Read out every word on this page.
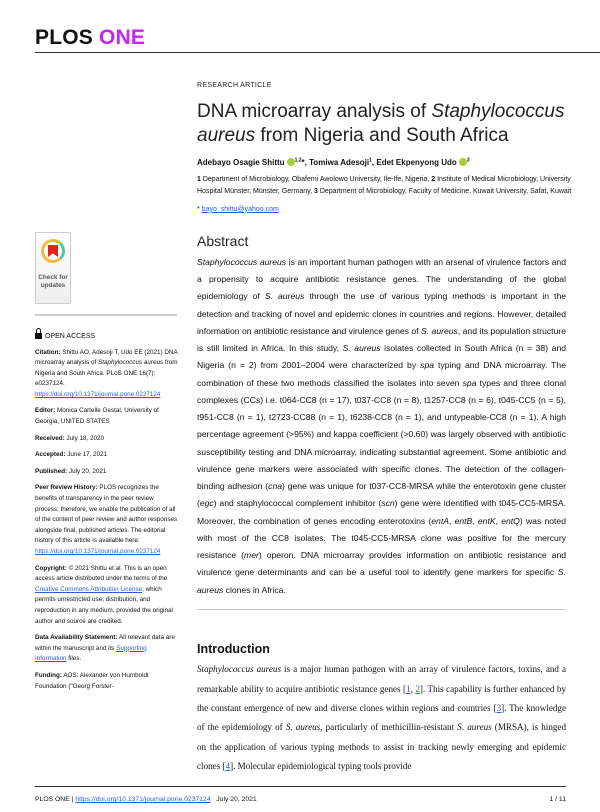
PLOS ONE
Check for updates
OPEN ACCESS
Citation: Shittu AO, Adesoji T, Udo EE (2021) DNA microarray analysis of Staphylococcus aureus from Nigeria and South Africa. PLoS ONE 16(7): e0237124. https://doi.org/10.1371/journal.pone.0237124
Editor: Monica Cartelle Gestal, University of Georgia, UNITED STATES
Received: July 18, 2020
Accepted: June 17, 2021
Published: July 20, 2021
Peer Review History: PLOS recognizes the benefits of transparency in the peer review process; therefore, we enable the publication of all of the content of peer review and author responses alongside final, published articles. The editorial history of this article is available here: https://doi.org/10.1371/journal.pone.0237124
Copyright: © 2021 Shittu et al. This is an open access article distributed under the terms of the Creative Commons Attribution License, which permits unrestricted use, distribution, and reproduction in any medium, provided the original author and source are credited.
Data Availability Statement: All relevant data are within the manuscript and its Supporting Information files.
Funding: AOS: Alexander von Humboldt Foundation ("Georg Forster-
RESEARCH ARTICLE
DNA microarray analysis of Staphylococcus aureus from Nigeria and South Africa
Adebayo Osagie Shittu $^{1,2}$*, Tomiwa Adesoji$^1$, Edet Ekpenyong Udo $^3$
1 Department of Microbiology, Obafemi Awolowo University, Ile-Ife, Nigeria, 2 Institute of Medical Microbiology, University Hospital Münster, Münster, Germany, 3 Department of Microbiology, Faculty of Medicine, Kuwait University, Safat, Kuwait
* bayo_shittu@yahoo.com
Abstract
Staphylococcus aureus is an important human pathogen with an arsenal of virulence factors and a propensity to acquire antibiotic resistance genes. The understanding of the global epidemiology of S. aureus through the use of various typing methods is important in the detection and tracking of novel and epidemic clones in countries and regions. However, detailed information on antibiotic resistance and virulence genes of S. aureus, and its population structure is still limited in Africa. In this study, S. aureus isolates collected in South Africa (n = 38) and Nigeria (n = 2) from 2001–2004 were characterized by spa typing and DNA microarray. The combination of these two methods classified the isolates into seven spa types and three clonal complexes (CCs) i.e. t064-CC8 (n = 17), t037-CC8 (n = 8), t1257-CC8 (n = 6), t045-CC5 (n = 5), t951-CC8 (n = 1), t2723-CC88 (n = 1), t6238-CC8 (n = 1), and untypeable-CC8 (n = 1). A high percentage agreement (>95%) and kappa coefficient (>0.60) was largely observed with antibiotic susceptibility testing and DNA microarray, indicating substantial agreement. Some antibiotic and virulence gene markers were associated with specific clones. The detection of the collagen-binding adhesion (cna) gene was unique for t037-CC8-MRSA while the enterotoxin gene cluster (egc) and staphylococcal complement inhibitor (scn) gene were identified with t045-CC5-MRSA. Moreover, the combination of genes encoding enterotoxins (entA, entB, entK, entQ) was noted with most of the CC8 isolates. The t045-CC5-MRSA clone was positive for the mercury resistance (mer) operon. DNA microarray provides information on antibiotic resistance and virulence gene determinants and can be a useful tool to identify gene markers for specific S. aureus clones in Africa.
Introduction
Staphylococcus aureus is a major human pathogen with an array of virulence factors, toxins, and a remarkable ability to acquire antibiotic resistance genes [1, 2]. This capability is further enhanced by the constant emergence of new and diverse clones within regions and countries [3]. The knowledge of the epidemiology of S. aureus, particularly of methicillin-resistant S. aureus (MRSA), is hinged on the application of various typing methods to assist in tracking newly emerging and epidemic clones [4]. Molecular epidemiological typing tools provide
PLOS ONE | https://doi.org/10.1371/journal.pone.0237124 July 20, 2021	1 / 11
